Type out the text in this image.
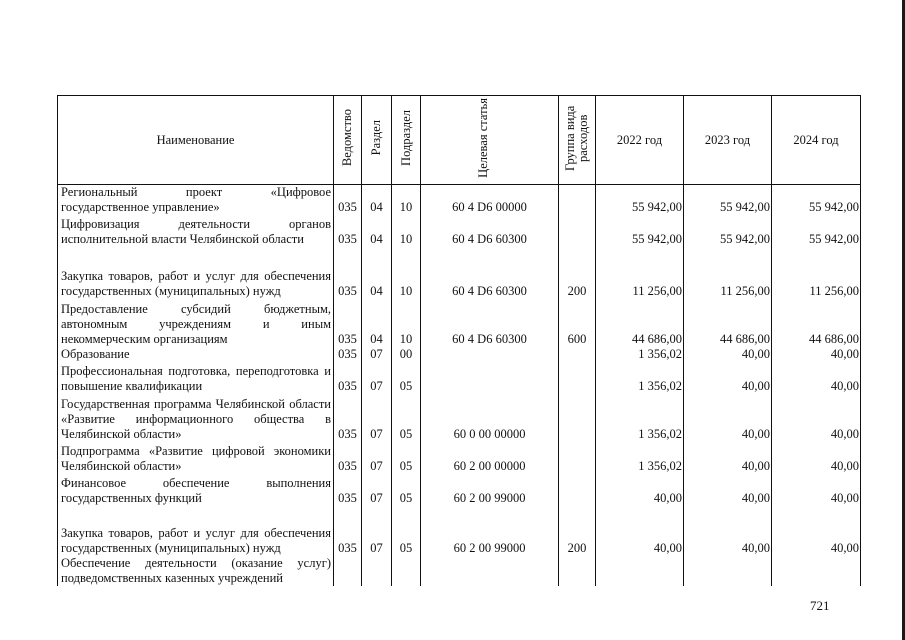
Наименование	Ведомство	Раздел	Подраздел	Целевая статья	Группа вида расходов	2022 год	2023 год	2024 год
Региональный проект «Цифровое государственное управление»	035	04	10	60 4 D6 00000		55 942,00	55 942,00	55 942,00
Цифровизация деятельности органов исполнительной власти Челябинской области	035	04	10	60 4 D6 60300		55 942,00	55 942,00	55 942,00
Закупка товаров, работ и услуг для обеспечения государственных (муниципальных) нужд	035	04	10	60 4 D6 60300	200	11 256,00	11 256,00	11 256,00
Предоставление субсидий бюджетным, автономным учреждениям и иным некоммерческим организациям	035	04	10	60 4 D6 60300	600	44 686,00	44 686,00	44 686,00
Образование	035	07	00			1 356,02	40,00	40,00
Профессиональная подготовка, переподготовка и повышение квалификации	035	07	05			1 356,02	40,00	40,00
Государственная программа Челябинской области «Развитие информационного общества в Челябинской области»	035	07	05	60 0 00 00000		1 356,02	40,00	40,00
Подпрограмма «Развитие цифровой экономики Челябинской области»	035	07	05	60 2 00 00000		1 356,02	40,00	40,00
Финансовое обеспечение выполнения государственных функций	035	07	05	60 2 00 99000		40,00	40,00	40,00
Закупка товаров, работ и услуг для обеспечения государственных (муниципальных) нужд	035	07	05	60 2 00 99000	200	40,00	40,00	40,00
Обеспечение деятельности (оказание услуг) подведомственных казенных учреждений								
721
